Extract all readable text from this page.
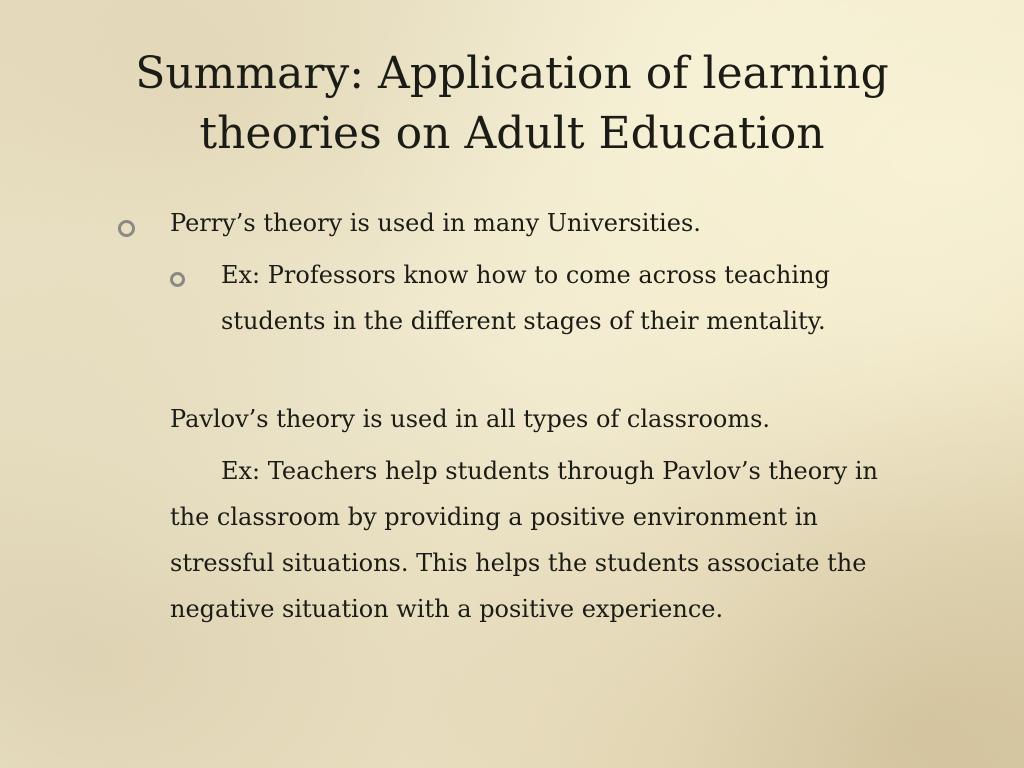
Summary: Application of learning theories on Adult Education

Perry’s theory is used in many Universities.

Ex: Professors know how to come across teaching students in the different stages of their mentality.

Pavlov’s theory is used in all types of classrooms.

Ex: Teachers help students through Pavlov’s theory in the classroom by providing a positive environment in stressful situations. This helps the students associate the negative situation with a positive experience.
